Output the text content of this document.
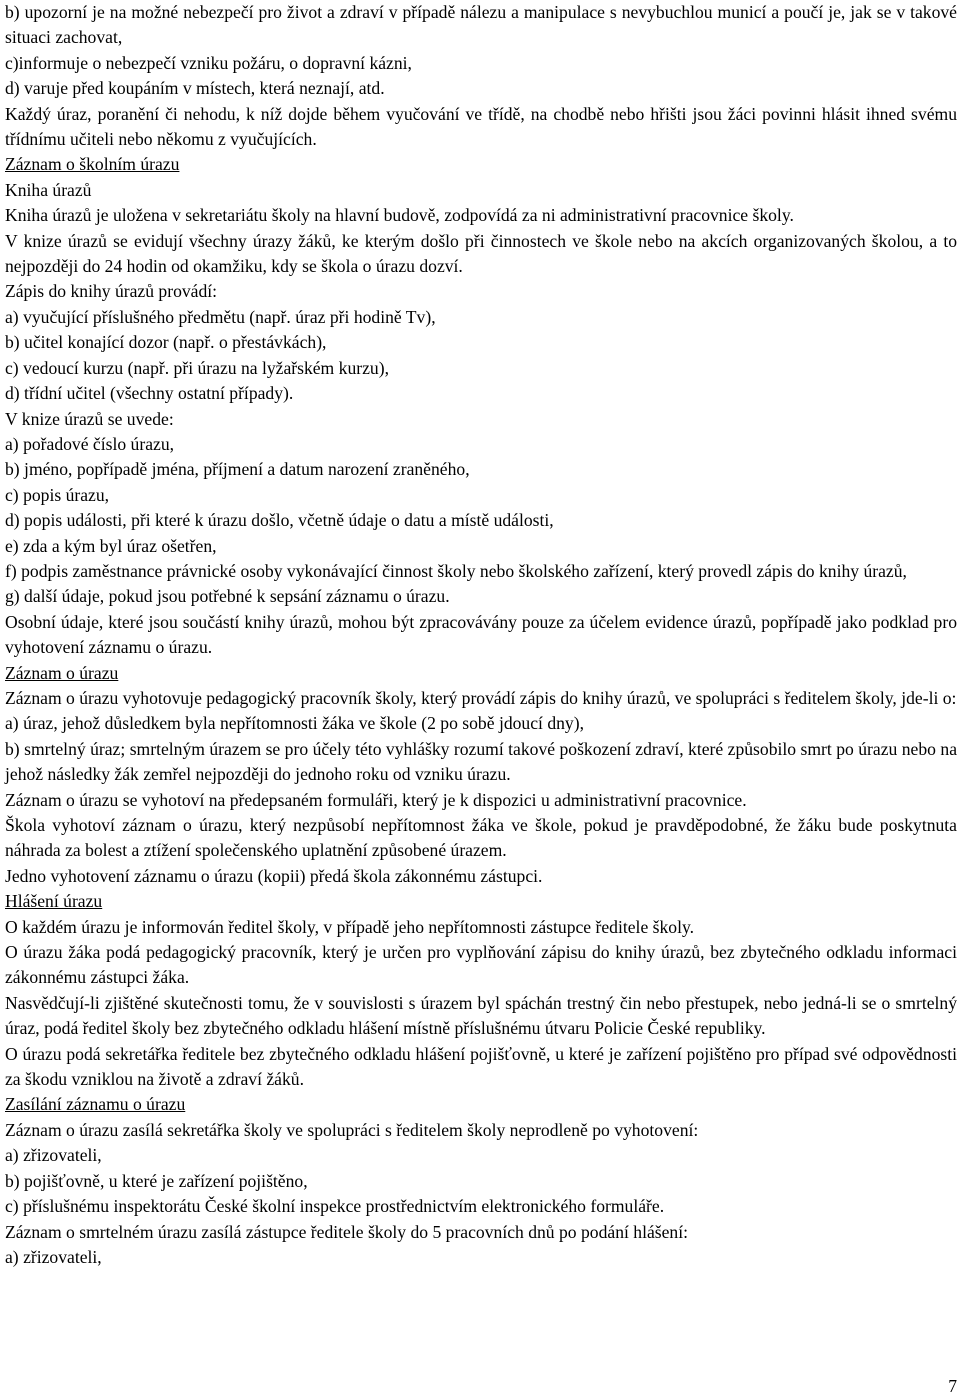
b) upozorní je na možné nebezpečí pro život a zdraví v případě nálezu a manipulace s nevybuchlou municí a poučí je, jak se v takové situaci zachovat,

c)informuje o nebezpečí vzniku požáru, o dopravní kázni,

d) varuje před koupáním v místech, která neznají, atd.

Každý úraz, poranění či nehodu, k níž dojde během vyučování ve třídě, na chodbě nebo hřišti jsou žáci povinni hlásit ihned svému třídnímu učiteli nebo někomu z vyučujících.

Záznam o školním úrazu

Kniha úrazů

Kniha úrazů je uložena v sekretariátu školy na hlavní budově, zodpovídá za ni administrativní pracovnice školy.

V knize úrazů se evidují všechny úrazy žáků, ke kterým došlo při činnostech ve škole nebo na akcích organizovaných školou, a to nejpozději do 24 hodin od okamžiku, kdy se škola o úrazu dozví.

Zápis do knihy úrazů provádí:

a) vyučující příslušného předmětu (např. úraz při hodině Tv),

b) učitel konající dozor (např. o přestávkách),

c) vedoucí kurzu (např. při úrazu na lyžařském kurzu),

d) třídní učitel (všechny ostatní případy).

V knize úrazů se uvede:

a) pořadové číslo úrazu,

b) jméno, popřípadě jména, příjmení a datum narození zraněného,

c) popis úrazu,

d) popis události, při které k úrazu došlo, včetně údaje o datu a místě události,

e) zda a kým byl úraz ošetřen,

f) podpis zaměstnance právnické osoby vykonávající činnost školy nebo školského zařízení, který provedl zápis do knihy úrazů,

g) další údaje, pokud jsou potřebné k sepsání záznamu o úrazu.

Osobní údaje, které jsou součástí knihy úrazů, mohou být zpracovávány pouze za účelem evidence úrazů, popřípadě jako podklad pro vyhotovení záznamu o úrazu.

Záznam o úrazu

Záznam o úrazu vyhotovuje pedagogický pracovník školy, který provádí zápis do knihy úrazů, ve spolupráci s ředitelem školy, jde-li o:

a) úraz, jehož důsledkem byla nepřítomnosti žáka ve škole (2 po sobě jdoucí dny),

b) smrtelný úraz; smrtelným úrazem se pro účely této vyhlášky rozumí takové poškození zdraví, které způsobilo smrt po úrazu nebo na jehož následky žák zemřel nejpozději do jednoho roku od vzniku úrazu.

Záznam o úrazu se vyhotoví na předepsaném formuláři, který je k dispozici u administrativní pracovnice.

Škola vyhotoví záznam o úrazu, který nezpůsobí nepřítomnost žáka ve škole, pokud je pravděpodobné, že žáku bude poskytnuta náhrada za bolest a ztížení společenského uplatnění způsobené úrazem.

Jedno vyhotovení záznamu o úrazu (kopii) předá škola zákonnému zástupci.

Hlášení úrazu

O každém úrazu je informován ředitel školy, v případě jeho nepřítomnosti zástupce ředitele školy.

O úrazu žáka podá pedagogický pracovník, který je určen pro vyplňování zápisu do knihy úrazů, bez zbytečného odkladu informaci zákonnému zástupci žáka.

Nasvědčují-li zjištěné skutečnosti tomu, že v souvislosti s úrazem byl spáchán trestný čin nebo přestupek, nebo jedná-li se o smrtelný úraz, podá ředitel školy bez zbytečného odkladu hlášení místně příslušnému útvaru Policie České republiky.

O úrazu podá sekretářka ředitele bez zbytečného odkladu hlášení pojišťovně, u které je zařízení pojištěno pro případ své odpovědnosti za škodu vzniklou na životě a zdraví žáků.

Zasílání záznamu o úrazu

Záznam o úrazu zasílá sekretářka školy ve spolupráci s ředitelem školy neprodleně po vyhotovení:

a) zřizovateli,

b) pojišťovně, u které je zařízení pojištěno,

c) příslušnému inspektorátu České školní inspekce prostřednictvím elektronického formuláře.

Záznam o smrtelném úrazu zasílá zástupce ředitele školy do 5 pracovních dnů po podání hlášení:

a) zřizovateli,

7
